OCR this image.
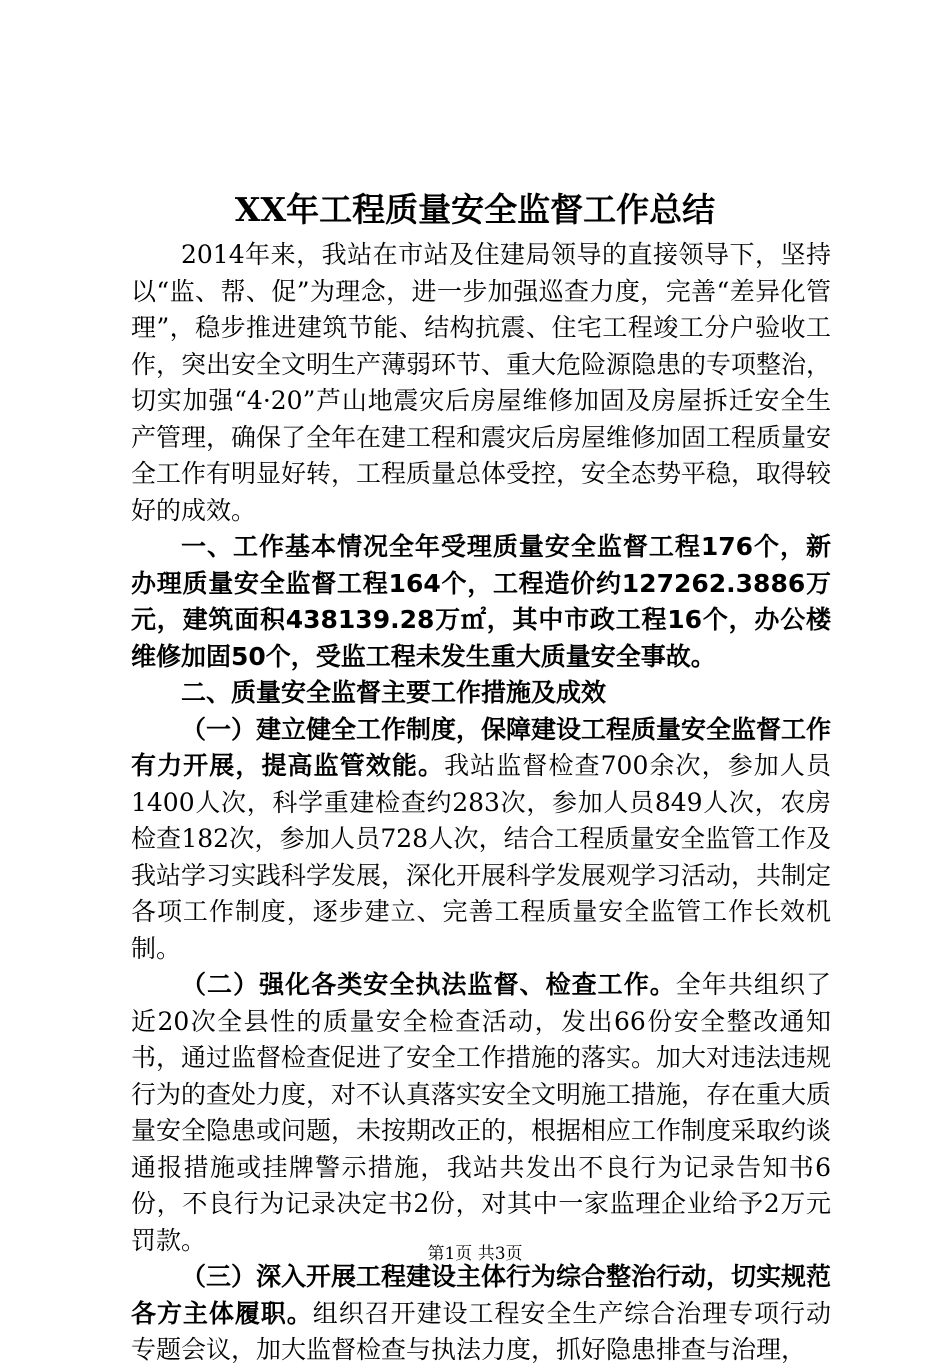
XX年工程质量安全监督工作总结

2014年来，我站在市站及住建局领导的直接领导下，坚持以“监、帮、促”为理念，进一步加强巡查力度，完善“差异化管理”，稳步推进建筑节能、结构抗震、住宅工程竣工分户验收工作，突出安全文明生产薄弱环节、重大危险源隐患的专项整治，切实加强“4·20”芦山地震灾后房屋维修加固及房屋拆迁安全生产管理，确保了全年在建工程和震灾后房屋维修加固工程质量安全工作有明显好转，工程质量总体受控，安全态势平稳，取得较好的成效。

一、工作基本情况全年受理质量安全监督工程176个，新办理质量安全监督工程164个，工程造价约127262.3886万元，建筑面积438139.28万㎡，其中市政工程16个，办公楼维修加固50个，受监工程未发生重大质量安全事故。

二、质量安全监督主要工作措施及成效

（一）建立健全工作制度，保障建设工程质量安全监督工作有力开展，提高监管效能。我站监督检查700余次，参加人员1400人次，科学重建检查约283次，参加人员849人次，农房检查182次，参加人员728人次，结合工程质量安全监管工作及我站学习实践科学发展，深化开展科学发展观学习活动，共制定各项工作制度，逐步建立、完善工程质量安全监管工作长效机制。

（二）强化各类安全执法监督、检查工作。全年共组织了近20次全县性的质量安全检查活动，发出66份安全整改通知书，通过监督检查促进了安全工作措施的落实。加大对违法违规行为的查处力度，对不认真落实安全文明施工措施，存在重大质量安全隐患或问题，未按期改正的，根据相应工作制度采取约谈通报措施或挂牌警示措施，我站共发出不良行为记录告知书6份，不良行为记录决定书2份，对其中一家监理企业给予2万元罚款。

（三）深入开展工程建设主体行为综合整治行动，切实规范各方主体履职。组织召开建设工程安全生产综合治理专项行动专题会议，加大监督检查与执法力度，抓好隐患排查与治理，

第1页 共3页
